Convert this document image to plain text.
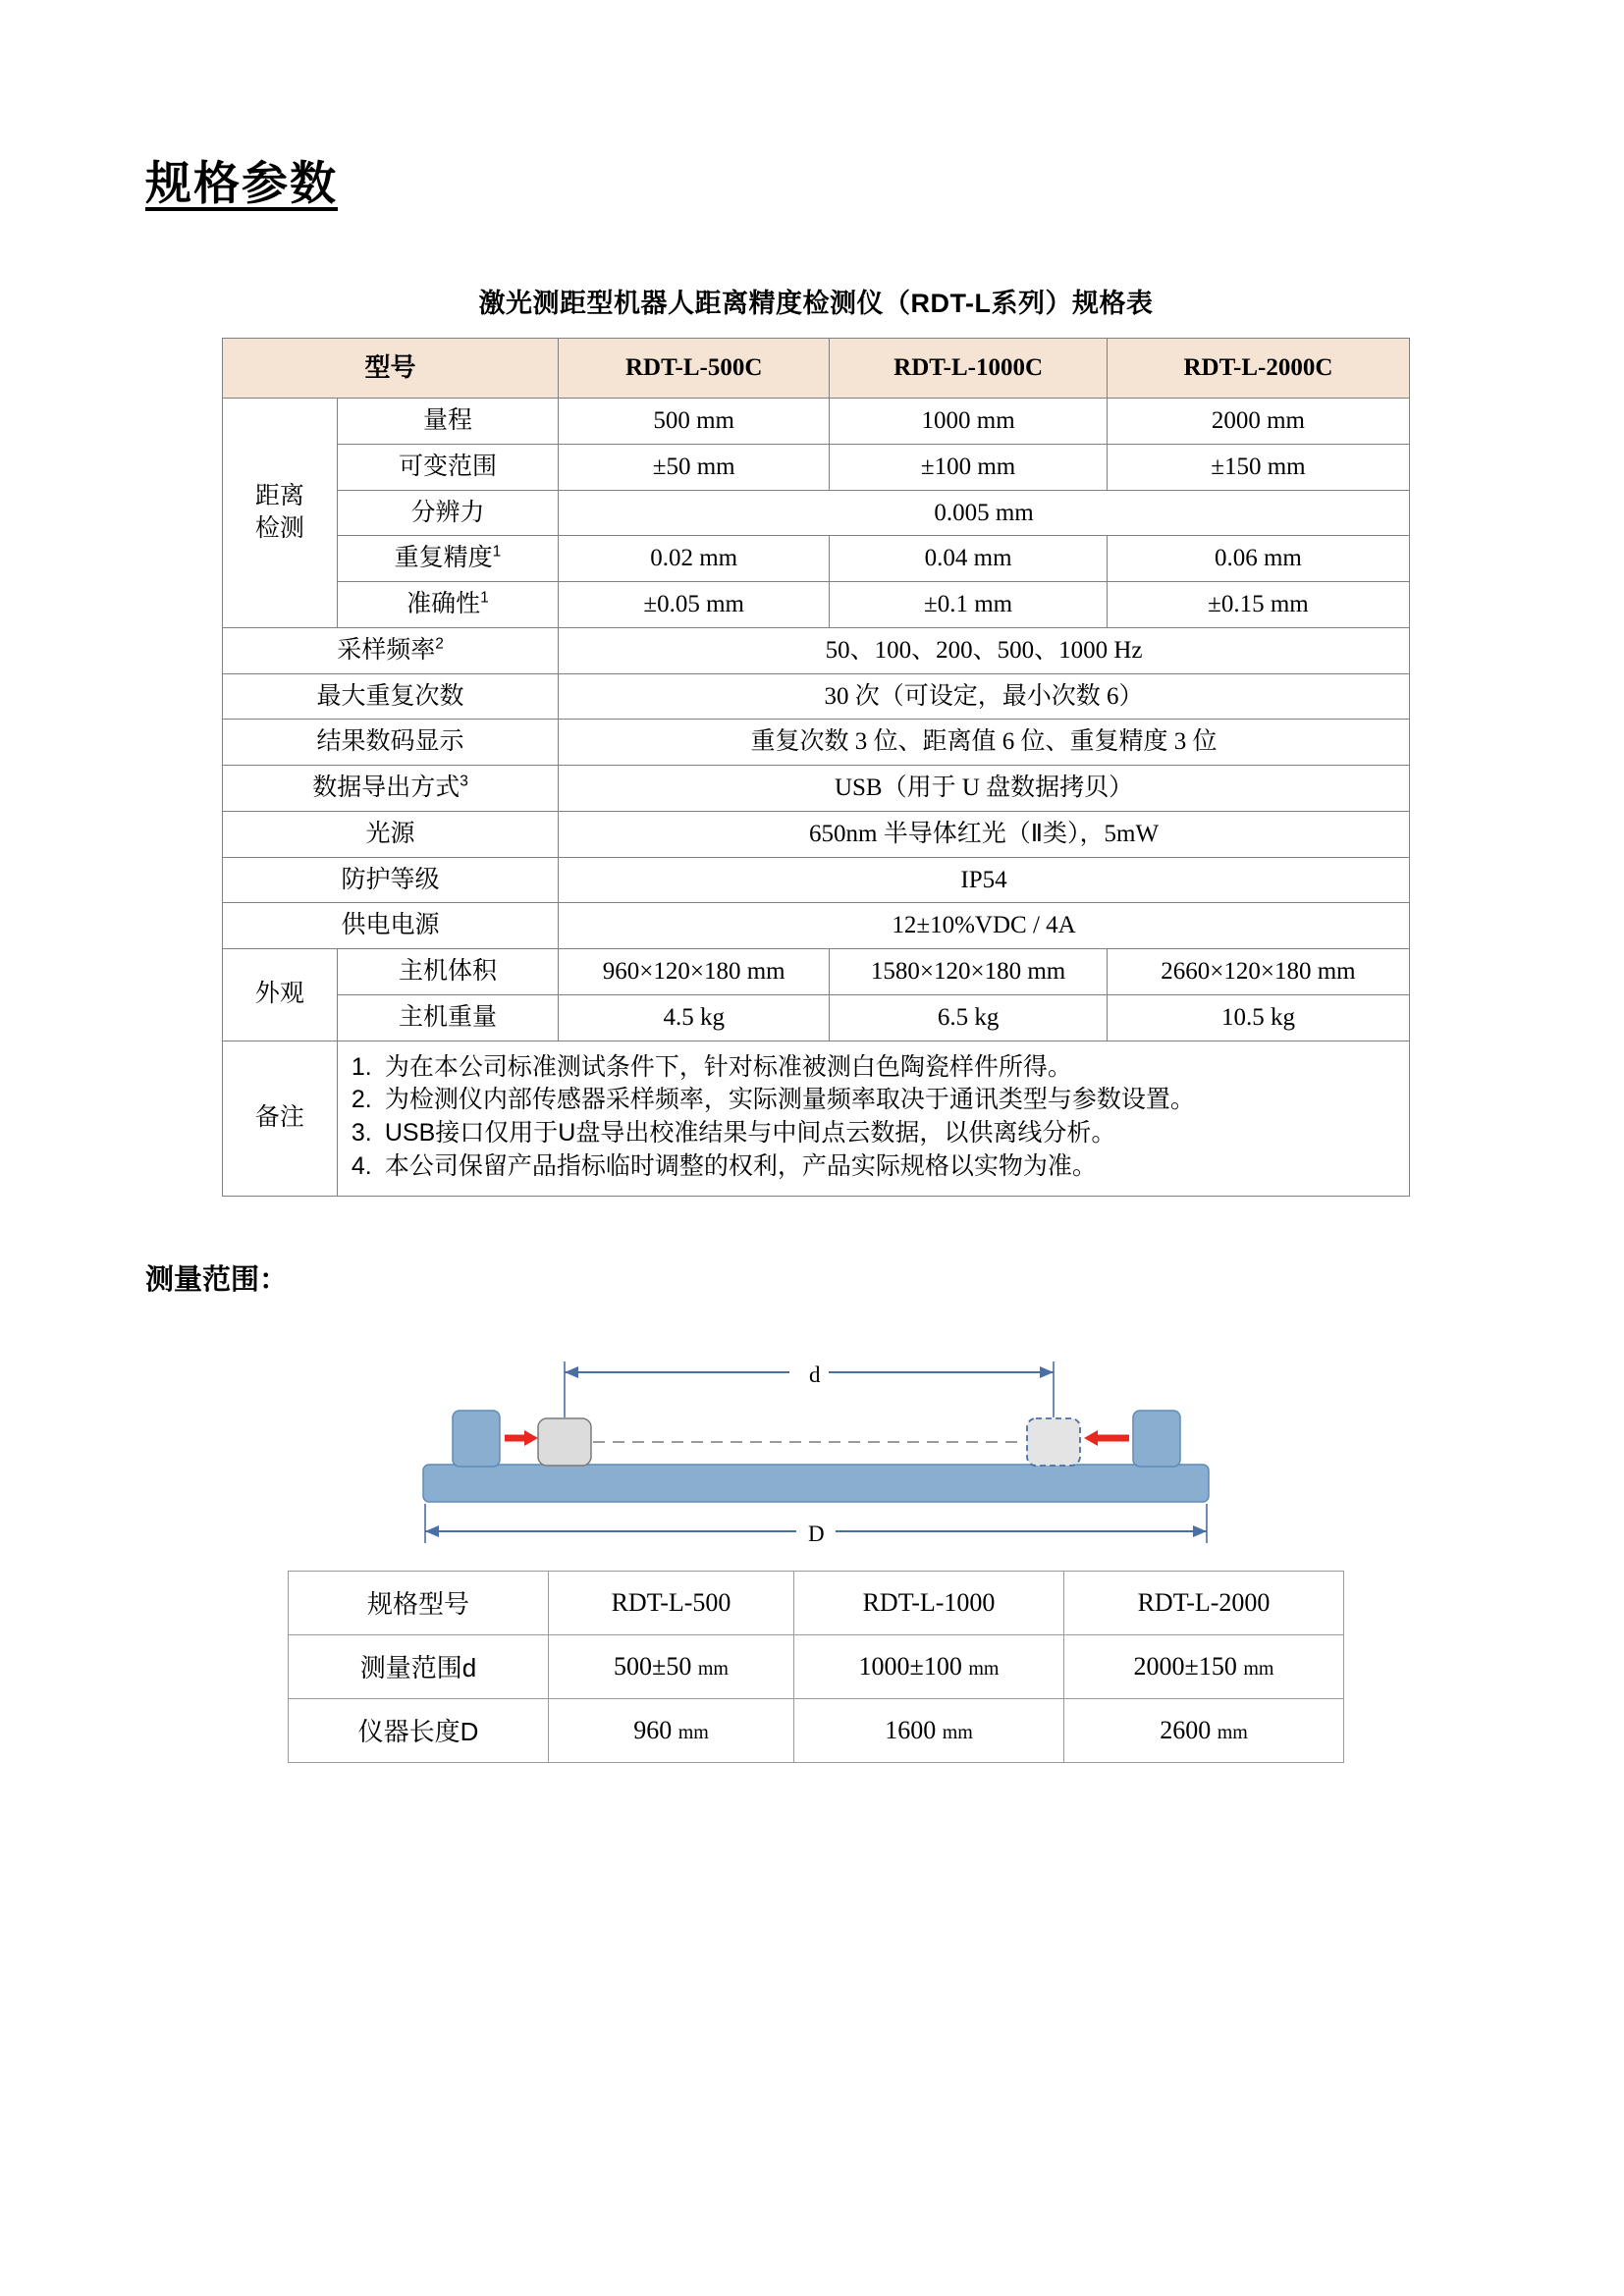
规格参数
激光测距型机器人距离精度检测仪（RDT-L系列）规格表
型号		RDT-L-500C	RDT-L-1000C	RDT-L-2000C
距离
检测	量程	500 mm	1000 mm	2000 mm
	可变范围	±50 mm	±100 mm	±150 mm
	分辨力	0.005 mm		
	重复精度$^1$	0.02 mm	0.04 mm	0.06 mm
	准确性$^1$	±0.05 mm	±0.1 mm	±0.15 mm
采样频率$^2$		50、100、200、500、1000 Hz		
最大重复次数		30 次（可设定，最小次数 6）		
结果数码显示		重复次数 3 位、距离值 6 位、重复精度 3 位		
数据导出方式$^3$		USB（用于 U 盘数据拷贝）		
光源		650nm 半导体红光（Ⅱ类），5mW		
防护等级		IP54		
供电电源		12±10%VDC / 4A		
外观	主机体积	960×120×180 mm	1580×120×180 mm	2660×120×180 mm
	主机重量	4.5 kg	6.5 kg	10.5 kg
备注	1. 为在本公司标准测试条件下，针对标准被测白色陶瓷样件所得。
2. 为检测仪内部传感器采样频率，实际测量频率取决于通讯类型与参数设置。
3. USB接口仅用于U盘导出校准结果与中间点云数据，以供离线分析。
4. 本公司保留产品指标临时调整的权利，产品实际规格以实物为准。			
测量范围：
d
D
规格型号	RDT-L-500	RDT-L-1000	RDT-L-2000
测量范围d	500±50 mm	1000±100 mm	2000±150 mm
仪器长度D	960 mm	1600 mm	2600 mm
